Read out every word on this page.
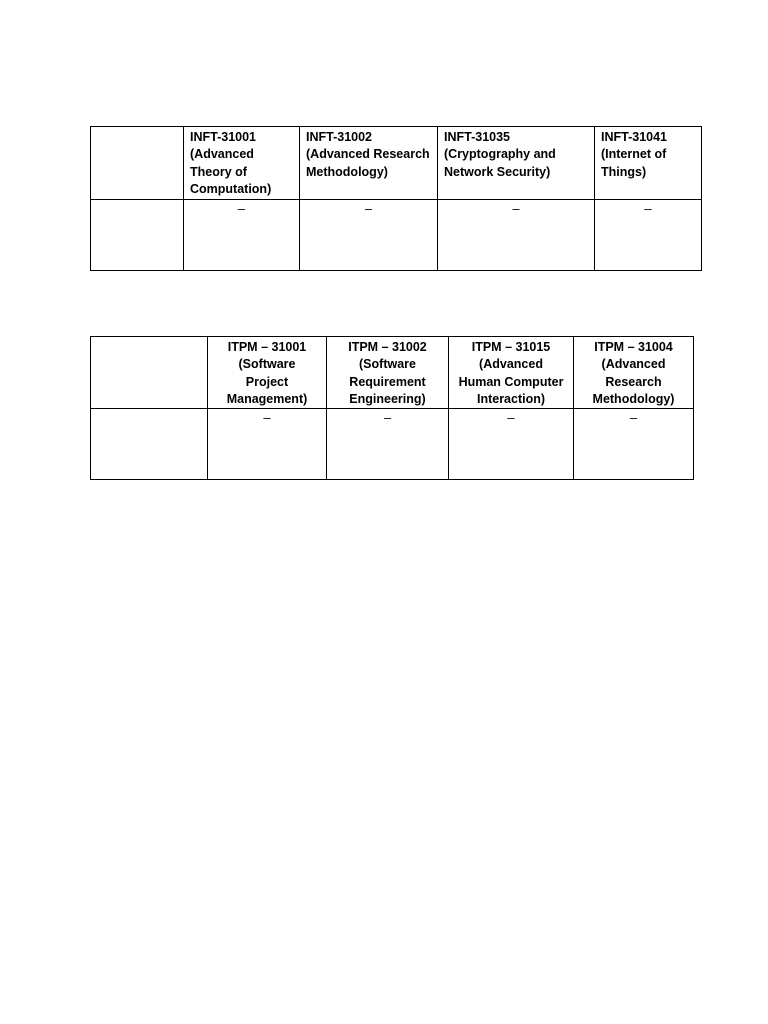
	INFT-31001
(Advanced
Theory of
Computation)	INFT-31002
(Advanced Research
Methodology)	INFT-31035
(Cryptography and
Network Security)	INFT-31041
(Internet of
Things)

	–	–	–	–

	ITPM – 31001
(Software
Project
Management)	ITPM – 31002
(Software
Requirement
Engineering)	ITPM – 31015
(Advanced
Human Computer
Interaction)	ITPM – 31004
(Advanced
Research
Methodology)

	–	–	–	–
